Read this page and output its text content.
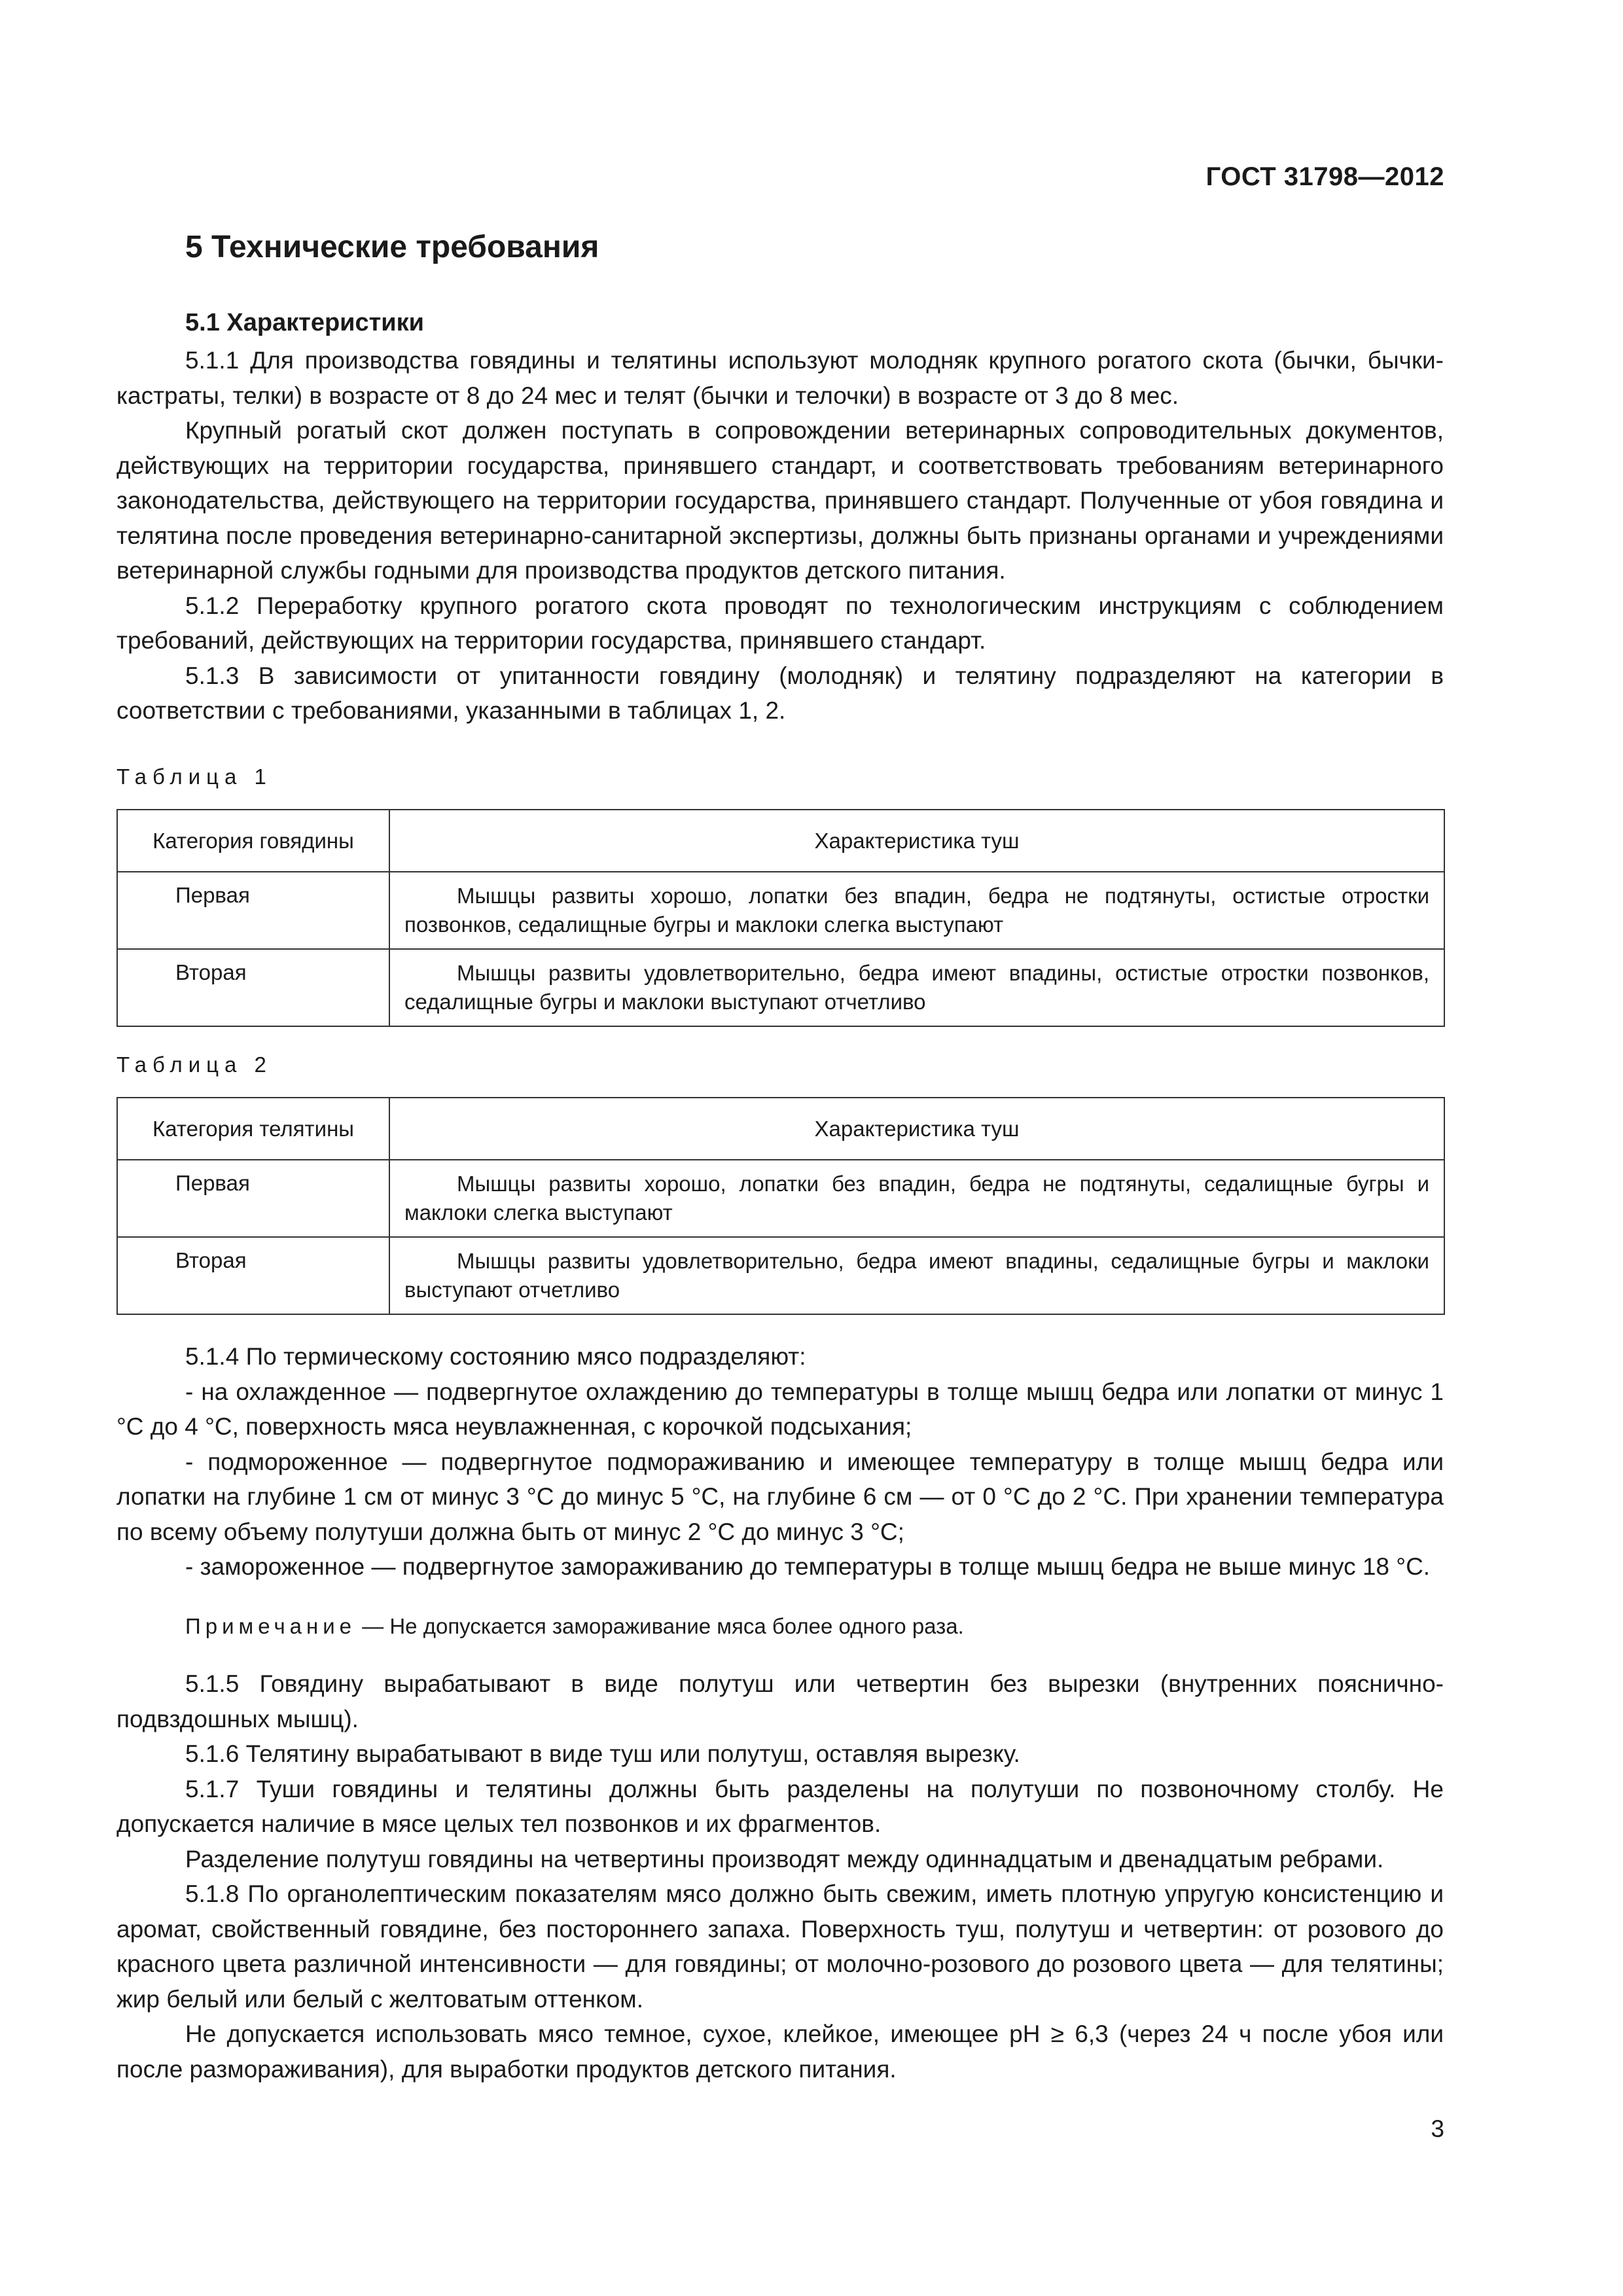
ГОСТ 31798—2012
5 Технические требования
5.1 Характеристики

5.1.1 Для производства говядины и телятины используют молодняк крупного рогатого скота (бычки, бычки-кастраты, телки) в возрасте от 8 до 24 мес и телят (бычки и телочки) в возрасте от 3 до 8 мес.

Крупный рогатый скот должен поступать в сопровождении ветеринарных сопроводительных документов, действующих на территории государства, принявшего стандарт, и соответствовать требованиям ветеринарного законодательства, действующего на территории государства, принявшего стандарт. Полученные от убоя говядина и телятина после проведения ветеринарно-санитарной экспертизы, должны быть признаны органами и учреждениями ветеринарной службы годными для производства продуктов детского питания.

5.1.2 Переработку крупного рогатого скота проводят по технологическим инструкциям с соблюдением требований, действующих на территории государства, принявшего стандарт.

5.1.3 В зависимости от упитанности говядину (молодняк) и телятину подразделяют на категории в соответствии с требованиями, указанными в таблицах 1, 2.

Таблица 1
Категория говядины	Характеристика туш
Первая	Мышцы развиты хорошо, лопатки без впадин, бедра не подтянуты, остистые отростки позвонков, седалищные бугры и маклоки слегка выступают

Вторая	Мышцы развиты удовлетворительно, бедра имеют впадины, остистые отростки позвонков, седалищные бугры и маклоки выступают отчетливо
Таблица 2
Категория телятины	Характеристика туш
Первая	Мышцы развиты хорошо, лопатки без впадин, бедра не подтянуты, седалищные бугры и маклоки слегка выступают

Вторая	Мышцы развиты удовлетворительно, бедра имеют впадины, седалищные бугры и маклоки выступают отчетливо

5.1.4 По термическому состоянию мясо подразделяют:

- на охлажденное — подвергнутое охлаждению до температуры в толще мышц бедра или лопатки от минус 1 °С до 4 °С, поверхность мяса неувлажненная, с корочкой подсыхания;

- подмороженное — подвергнутое подмораживанию и имеющее температуру в толще мышц бедра или лопатки на глубине 1 см от минус 3 °С до минус 5 °С, на глубине 6 см — от 0 °С до 2 °С. При хранении температура по всему объему полутуши должна быть от минус 2 °С до минус 3 °С;

- замороженное — подвергнутое замораживанию до температуры в толще мышц бедра не выше минус 18 °С.

Примечание — Не допускается замораживание мяса более одного раза.

5.1.5 Говядину вырабатывают в виде полутуш или четвертин без вырезки (внутренних пояснично-подвздошных мышц).

5.1.6 Телятину вырабатывают в виде туш или полутуш, оставляя вырезку.

5.1.7 Туши говядины и телятины должны быть разделены на полутуши по позвоночному столбу. Не допускается наличие в мясе целых тел позвонков и их фрагментов.

Разделение полутуш говядины на четвертины производят между одиннадцатым и двенадцатым ребрами.

5.1.8 По органолептическим показателям мясо должно быть свежим, иметь плотную упругую консистенцию и аромат, свойственный говядине, без постороннего запаха. Поверхность туш, полутуш и четвертин: от розового до красного цвета различной интенсивности — для говядины; от молочно-розового до розового цвета — для телятины; жир белый или белый с желтоватым оттенком.

Не допускается использовать мясо темное, сухое, клейкое, имеющее pH ≥ 6,3 (через 24 ч после убоя или после размораживания), для выработки продуктов детского питания.

3
